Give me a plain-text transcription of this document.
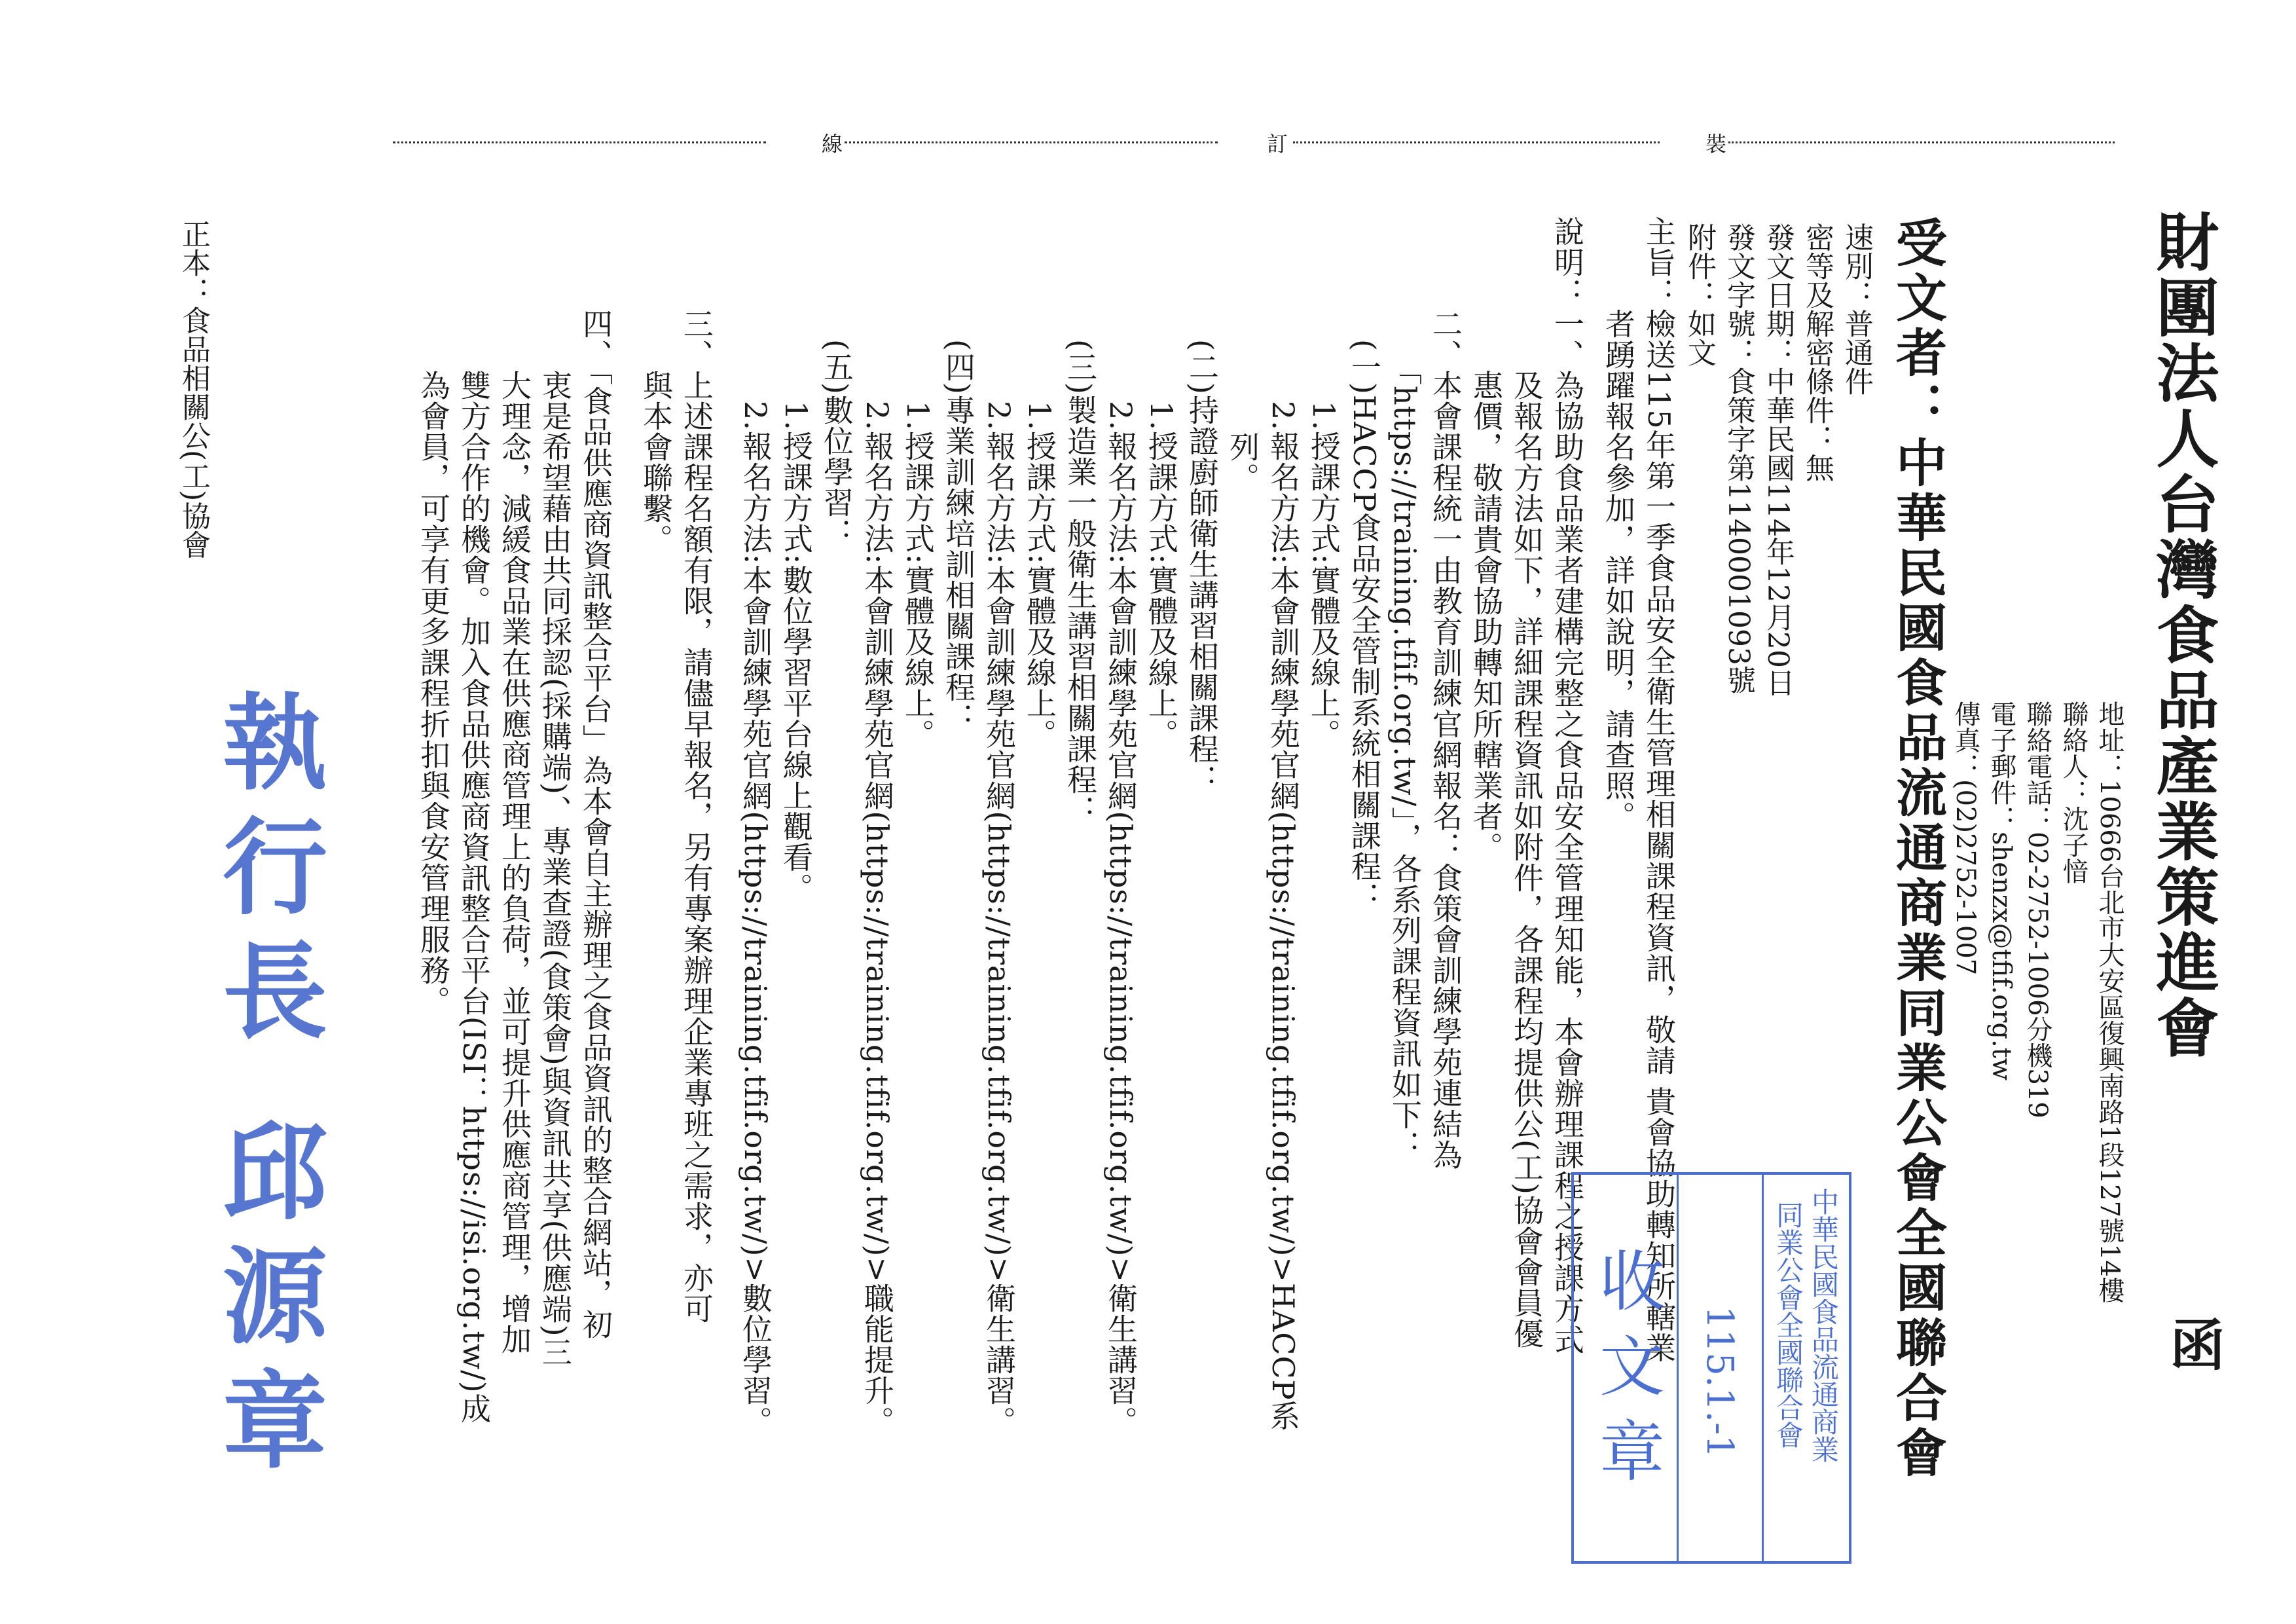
線	訂	裝
函
財團法人台灣食品產業策進會
地址：10666台北市大安區復興南路1段127號14樓
聯絡人：沈子愔
聯絡電話：02-2752-1006分機319
電子郵件：shenzx@tfif.org.tw
傳真：(02)2752-1007
受文者：中華民國食品流通商業同業公會全國聯合會
速別：普通件
密等及解密條件：無
發文日期：中華民國114年12月20日
發文字號：食策字第1140001093號
附件：如文
主旨：檢送115年第一季食品安全衛生管理相關課程資訊，敬請 貴會協助轉知所轄業
　　　者踴躍報名參加，詳如說明，請查照。
說明：一、為協助食品業者建構完整之食品安全管理知能，本會辦理課程之授課方式
　　　　　及報名方法如下，詳細課程資訊如附件，各課程均提供公(工)協會會員優
　　　　　惠價，敬請貴會協助轉知所轄業者。
　　　二、本會課程統一由教育訓練官網報名：食策會訓練學苑連結為
　　　　　「https://training.tfif.org.tw/」，各系列課程資訊如下：
　　　　(一)HACCP食品安全管制系統相關課程：
　　　　　　1.授課方式:實體及線上。
　　　　　　2.報名方法:本會訓練學苑官網(https://training.tfif.org.tw/)>HACCP系
　　　　　　　列。
　　　　(二)持證廚師衛生講習相關課程：
　　　　　　1.授課方式:實體及線上。
　　　　　　2.報名方法:本會訓練學苑官網(https://training.tfif.org.tw/)>衛生講習。
　　　　(三)製造業一般衛生講習相關課程：
　　　　　　1.授課方式:實體及線上。
　　　　　　2.報名方法:本會訓練學苑官網(https://training.tfif.org.tw/)>衛生講習。
　　　　(四)專業訓練培訓相關課程：
　　　　　　1.授課方式:實體及線上。
　　　　　　2.報名方法:本會訓練學苑官網(https://training.tfif.org.tw/)>職能提升。
　　　　(五)數位學習：
　　　　　　1.授課方式:數位學習平台線上觀看。
　　　　　　2.報名方法:本會訓練學苑官網(https://training.tfif.org.tw/)>數位學習。
　　　三、上述課程名額有限，請儘早報名，另有專案辦理企業專班之需求，亦可
　　　　　與本會聯繫。
　　　四、「食品供應商資訊整合平台」為本會自主辦理之食品資訊的整合網站，初
　　　　　衷是希望藉由共同採認(採購端)、專業查證(食策會)與資訊共享(供應端)三
　　　　　大理念，減緩食品業在供應商管理上的負荷，並可提升供應商管理，增加
　　　　　雙方合作的機會。加入食品供應商資訊整合平台(ISI：https://isi.org.tw/)成
　　　　　為會員，可享有更多課程折扣與食安管理服務。
正本：食品相關公(工)協會
執行長 邱源章	中華民國食品流通商業
同業公會全國聯合會
115.1.-1
收文章
